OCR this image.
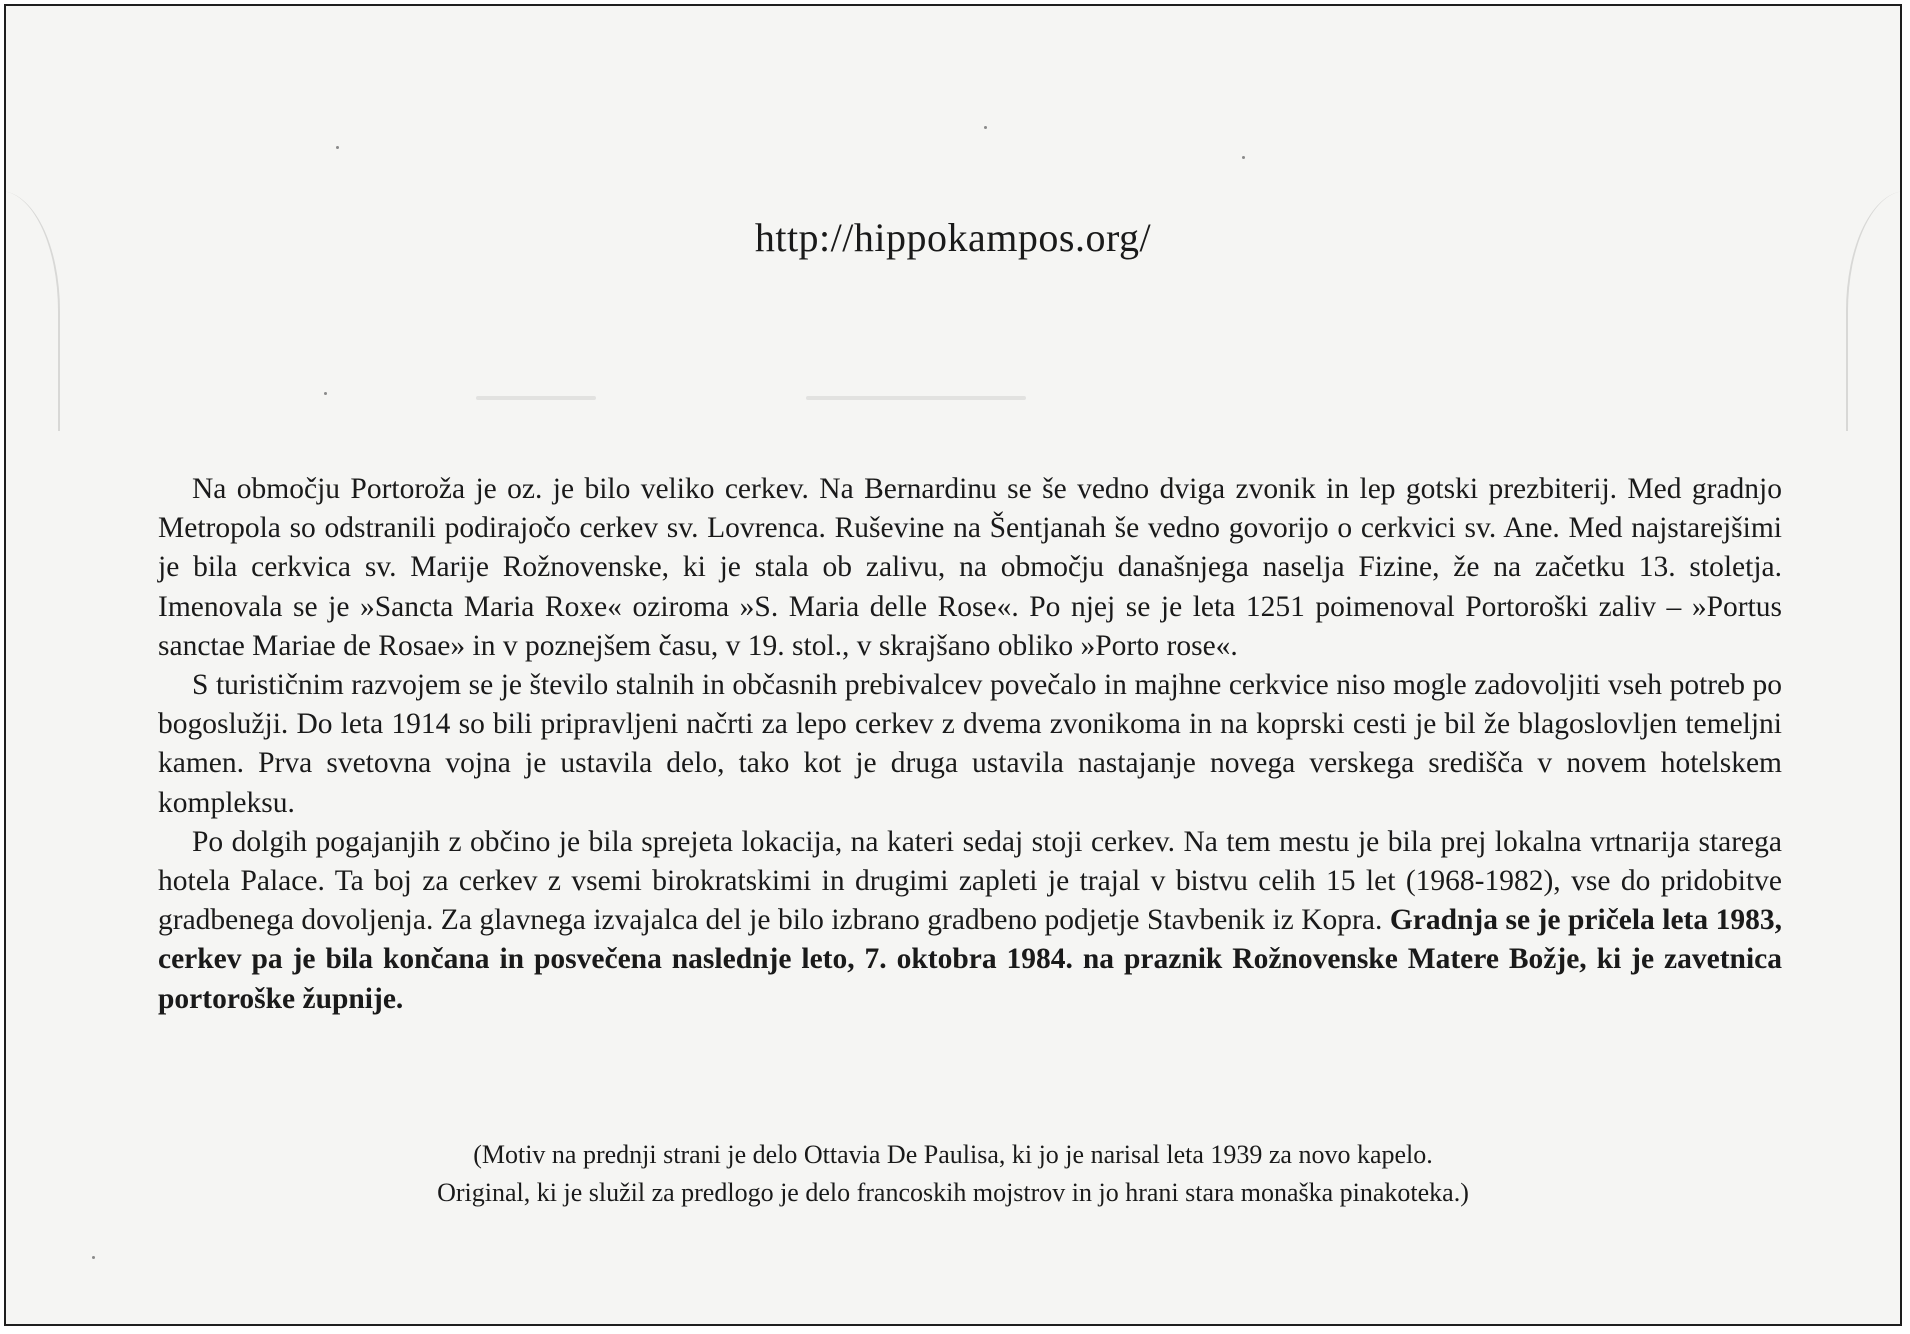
http://hippokampos.org/

Na območju Portoroža je oz. je bilo veliko cerkev. Na Bernardinu se še vedno dviga zvonik in lep gotski prezbiterij. Med gradnjo Metropola so odstranili podirajočo cerkev sv. Lovrenca. Ruševine na Šentjanah še vedno govorijo o cerkvici sv. Ane. Med najstarejšimi je bila cerkvica sv. Marije Rožnovenske, ki je stala ob zalivu, na območju današnjega naselja Fizine, že na začetku 13. stoletja. Imenovala se je »Sancta Maria Roxe« oziroma »S. Maria delle Rose«. Po njej se je leta 1251 poimenoval Portoroški zaliv – »Portus sanctae Mariae de Rosae» in v poznejšem času, v 19. stol., v skrajšano obliko »Porto rose«.

S turističnim razvojem se je število stalnih in občasnih prebivalcev povečalo in majhne cerkvice niso mogle zadovoljiti vseh potreb po bogoslužji. Do leta 1914 so bili pripravljeni načrti za lepo cerkev z dvema zvonikoma in na koprski cesti je bil že blagoslovljen temeljni kamen. Prva svetovna vojna je ustavila delo, tako kot je druga ustavila nastajanje novega verskega središča v novem hotelskem kompleksu.

Po dolgih pogajanjih z občino je bila sprejeta lokacija, na kateri sedaj stoji cerkev. Na tem mestu je bila prej lokalna vrtnarija starega hotela Palace. Ta boj za cerkev z vsemi birokratskimi in drugimi zapleti je trajal v bistvu celih 15 let (1968-1982), vse do pridobitve gradbenega dovoljenja. Za glavnega izvajalca del je bilo izbrano gradbeno podjetje Stavbenik iz Kopra. Gradnja se je pričela leta 1983, cerkev pa je bila končana in posvečena naslednje leto, 7. oktobra 1984. na praznik Rožnovenske Matere Božje, ki je zavetnica portoroške župnije.

(Motiv na prednji strani je delo Ottavia De Paulisa, ki jo je narisal leta 1939 za novo kapelo.
Original, ki je služil za predlogo je delo francoskih mojstrov in jo hrani stara monaška pinakoteka.)
